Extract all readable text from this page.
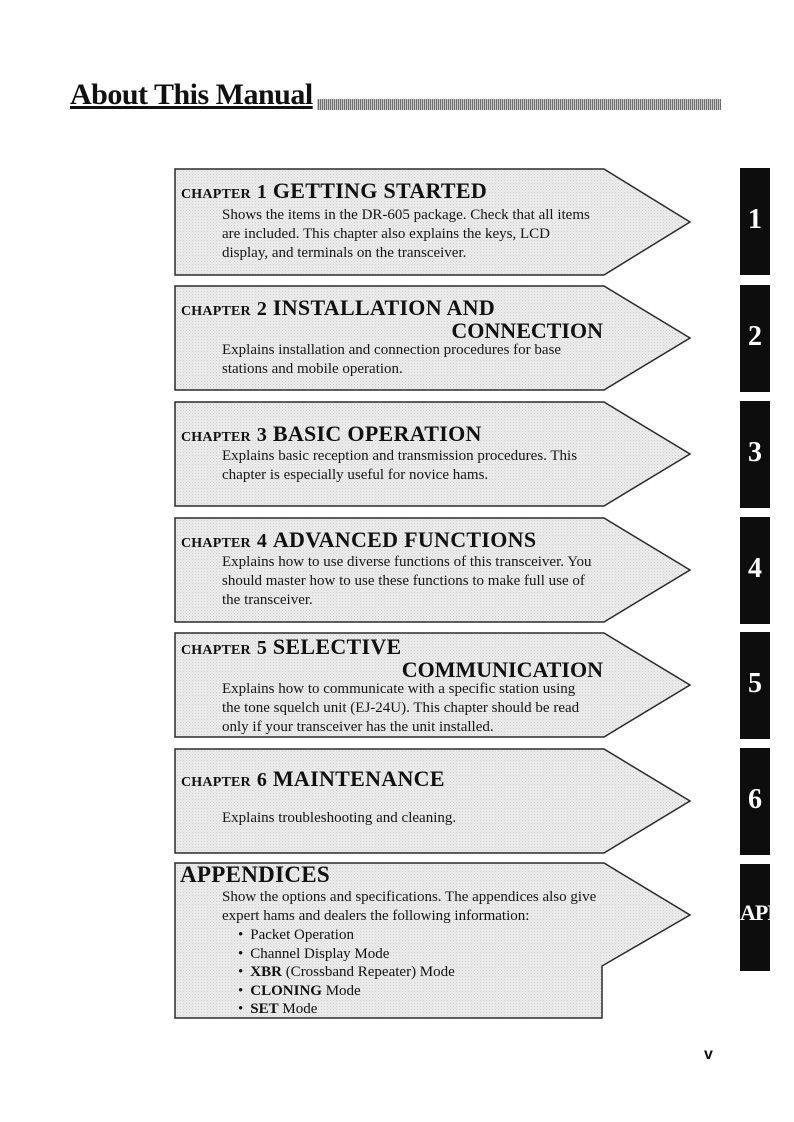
About This Manual
CHAPTER 1 GETTING STARTED
Shows the items in the DR-605 package. Check that all items are included. This chapter also explains the keys, LCD display, and terminals on the transceiver.
CHAPTER 2 INSTALLATION AND
CONNECTION
Explains installation and connection procedures for base stations and mobile operation.
CHAPTER 3 BASIC OPERATION
Explains basic reception and transmission procedures. This chapter is especially useful for novice hams.
CHAPTER 4 ADVANCED FUNCTIONS
Explains how to use diverse functions of this transceiver. You should master how to use these functions to make full use of the transceiver.
CHAPTER 5 SELECTIVE
COMMUNICATION
Explains how to communicate with a specific station using the tone squelch unit (EJ-24U). This chapter should be read only if your transceiver has the unit installed.
CHAPTER 6 MAINTENANCE
Explains troubleshooting and cleaning.
APPENDICES
Show the options and specifications. The appendices also give expert hams and dealers the following information:
• Packet Operation
• Channel Display Mode
• XBR (Crossband Repeater) Mode
• CLONING Mode
• SET Mode
1
2
3
4
5
6
APP
v
